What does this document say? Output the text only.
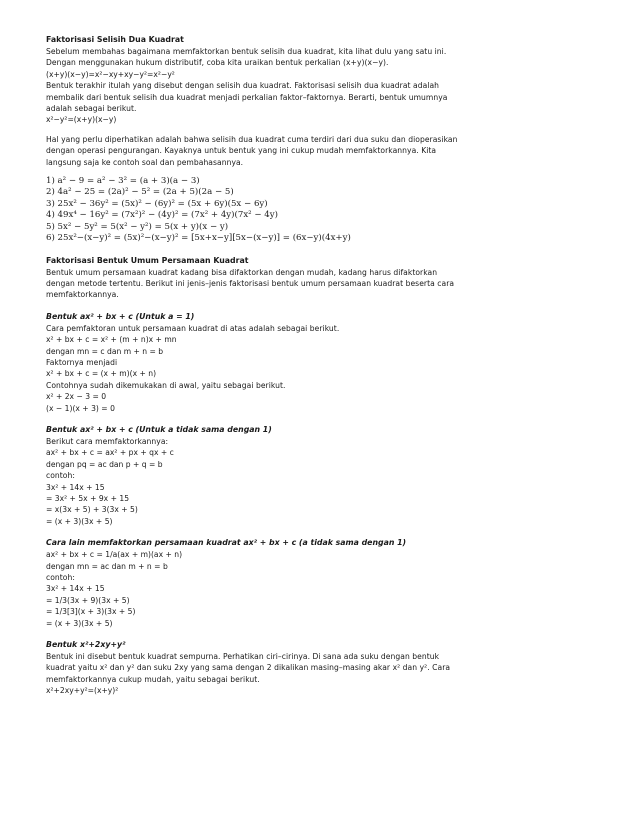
Faktorisasi Selisih Dua Kuadrat
Sebelum membahas bagaimana memfaktorkan bentuk selisih dua kuadrat, kita lihat dulu yang satu ini.
Dengan menggunakan hukum distributif, coba kita uraikan bentuk perkalian (x+y)(x−y).
(x+y)(x−y)=x²−xy+xy−y²=x²−y²
Bentuk terakhir itulah yang disebut dengan selisih dua kuadrat. Faktorisasi selisih dua kuadrat adalah
membalik dari bentuk selisih dua kuadrat menjadi perkalian faktor–faktornya. Berarti, bentuk umumnya
adalah sebagai berikut.
x²−y²=(x+y)(x−y)
Hal yang perlu diperhatikan adalah bahwa selisih dua kuadrat cuma terdiri dari dua suku dan dioperasikan
dengan operasi pengurangan. Kayaknya untuk bentuk yang ini cukup mudah memfaktorkannya. Kita
langsung saja ke contoh soal dan pembahasannya.
1) a² − 9 = a² − 3² = (a + 3)(a − 3)
2) 4a² − 25 = (2a)² − 5² = (2a + 5)(2a − 5)
3) 25x² − 36y² = (5x)² − (6y)² = (5x + 6y)(5x − 6y)
4) 49x⁴ − 16y² = (7x²)² − (4y)² = (7x² + 4y)(7x² − 4y)
5) 5x² − 5y² = 5(x² − y²) = 5(x + y)(x − y)
6) 25x²−(x−y)² = (5x)²−(x−y)² = [5x+x−y][5x−(x−y)] = (6x−y)(4x+y)
Faktorisasi Bentuk Umum Persamaan Kuadrat
Bentuk umum persamaan kuadrat kadang bisa difaktorkan dengan mudah, kadang harus difaktorkan
dengan metode tertentu. Berikut ini jenis–jenis faktorisasi bentuk umum persamaan kuadrat beserta cara
memfaktorkannya.
Bentuk ax² + bx + c (Untuk a = 1)
Cara pemfaktoran untuk persamaan kuadrat di atas adalah sebagai berikut.
x² + bx + c = x² + (m + n)x + mn
dengan mn = c dan m + n = b
Faktornya menjadi
x² + bx + c = (x + m)(x + n)
Contohnya sudah dikemukakan di awal, yaitu sebagai berikut.
x² + 2x − 3 = 0
(x − 1)(x + 3) = 0
Bentuk ax² + bx + c (Untuk a tidak sama dengan 1)
Berikut cara memfaktorkannya:
ax² + bx + c = ax² + px + qx + c
dengan pq = ac dan p + q = b
contoh:
3x² + 14x + 15
= 3x² + 5x + 9x + 15
= x(3x + 5) + 3(3x + 5)
= (x + 3)(3x + 5)
Cara lain memfaktorkan persamaan kuadrat ax² + bx + c (a tidak sama dengan 1)
ax² + bx + c = 1/a(ax + m)(ax + n)
dengan mn = ac dan m + n = b
contoh:
3x² + 14x + 15
= 1/3(3x + 9)(3x + 5)
= 1/3[3](x + 3)(3x + 5)
= (x + 3)(3x + 5)
Bentuk x²+2xy+y²
Bentuk ini disebut bentuk kuadrat sempurna. Perhatikan ciri–cirinya. Di sana ada suku dengan bentuk
kuadrat yaitu x² dan y² dan suku 2xy yang sama dengan 2 dikalikan masing–masing akar x² dan y². Cara
memfaktorkannya cukup mudah, yaitu sebagai berikut.
x²+2xy+y²=(x+y)²
